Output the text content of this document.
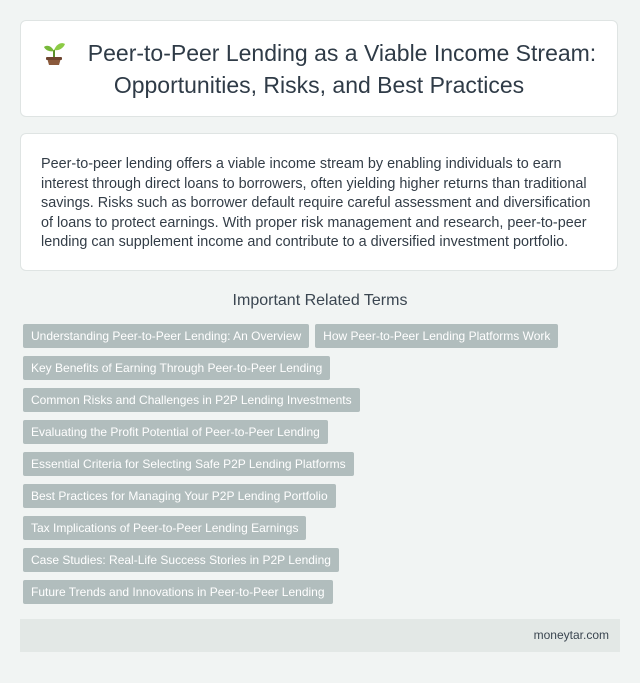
Peer-to-Peer Lending as a Viable Income Stream: Opportunities, Risks, and Best Practices

Peer-to-peer lending offers a viable income stream by enabling individuals to earn interest through direct loans to borrowers, often yielding higher returns than traditional savings. Risks such as borrower default require careful assessment and diversification of loans to protect earnings. With proper risk management and research, peer-to-peer lending can supplement income and contribute to a diversified investment portfolio.

Important Related Terms
Understanding Peer-to-Peer Lending: An Overview How Peer-to-Peer Lending Platforms Work
Key Benefits of Earning Through Peer-to-Peer Lending
Common Risks and Challenges in P2P Lending Investments
Evaluating the Profit Potential of Peer-to-Peer Lending
Essential Criteria for Selecting Safe P2P Lending Platforms
Best Practices for Managing Your P2P Lending Portfolio
Tax Implications of Peer-to-Peer Lending Earnings
Case Studies: Real-Life Success Stories in P2P Lending
Future Trends and Innovations in Peer-to-Peer Lending
moneytar.com
